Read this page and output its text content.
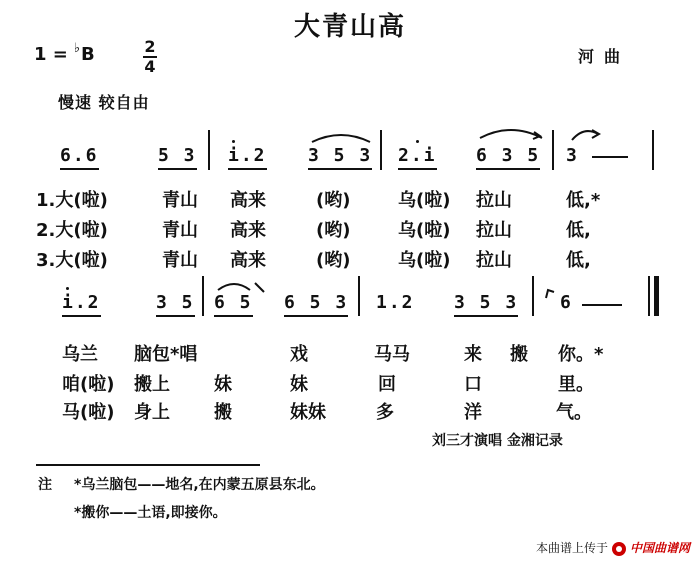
大青山高
1 = ♭B	2
4
河曲
慢速 较自由
6.6	5 3 i.2 3 5 3 2.i 6 3 5 3
1.大(啦)	青山 高来	(哟)	乌(啦) 拉山	低,*
2.大(啦)	青山 高来	(哟)	乌(啦) 拉山	低,
3.大(啦)	青山 高来	(哟)	乌(啦) 拉山	低,
i.2	3 5 6 5 6 5 3 1.2 3 5 3 6
乌兰 脑包*唱	戏	马马	来 搬 你。*
咱(啦) 搬上 妹	妹	回	口	里。
马(啦) 身上 搬	妹妹	多	洋	气。
刘三才演唱 金湘记录
注 *乌兰脑包——地名,在内蒙五原县东北。
*搬你——土语,即接你。
本曲谱上传于 中国曲谱网
